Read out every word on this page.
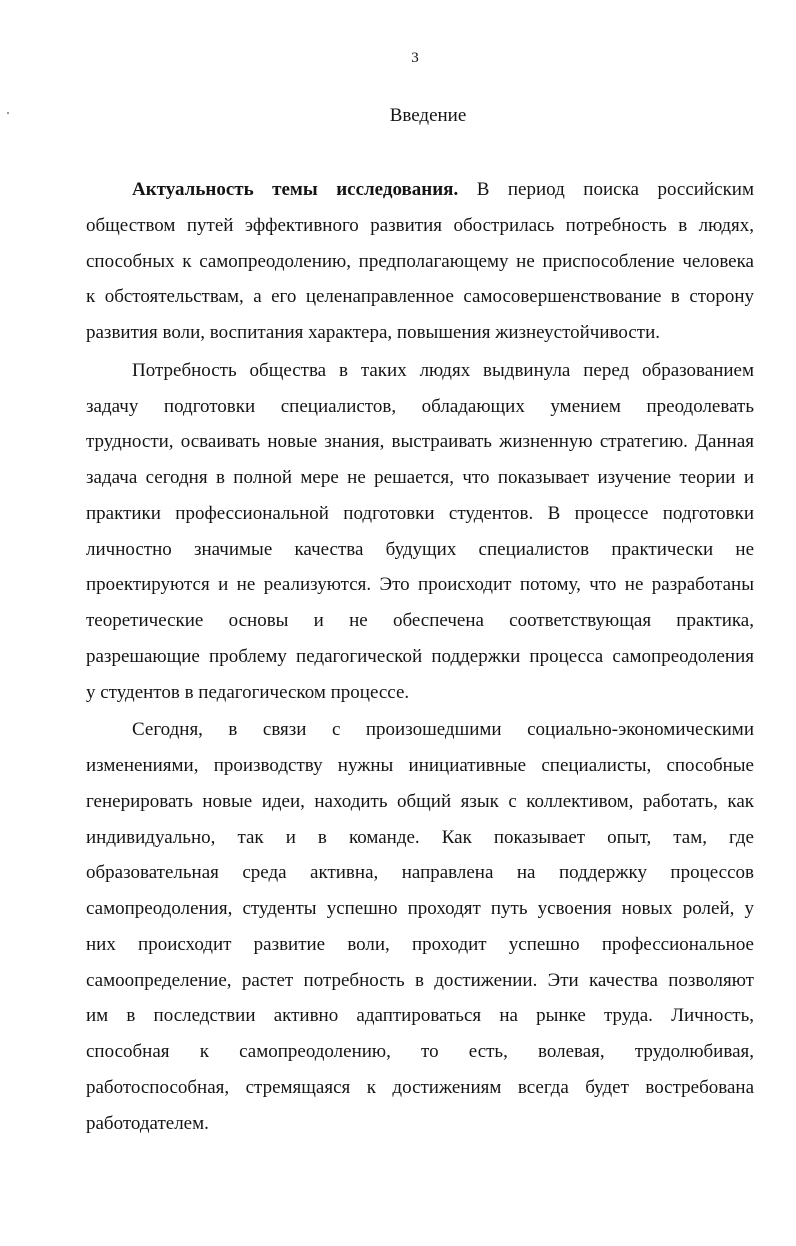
3
Введение
Актуальность темы исследования. В период поиска российским
обществом путей эффективного развития обострилась потребность в людях,
способных к самопреодолению, предполагающему не приспособление человека
к обстоятельствам, а его целенаправленное самосовершенствование в сторону
развития воли, воспитания характера, повышения жизнеустойчивости.
Потребность общества в таких людях выдвинула перед образованием
задачу подготовки специалистов, обладающих умением преодолевать
трудности, осваивать новые знания, выстраивать жизненную стратегию. Данная
задача сегодня в полной мере не решается, что показывает изучение теории и
практики профессиональной подготовки студентов. В процессе подготовки
личностно значимые качества будущих специалистов практически не
проектируются и не реализуются. Это происходит потому, что не разработаны
теоретические основы и не обеспечена соответствующая практика,
разрешающие проблему педагогической поддержки процесса самопреодоления
у студентов в педагогическом процессе.
Сегодня, в связи с произошедшими социально-экономическими
изменениями, производству нужны инициативные специалисты, способные
генерировать новые идеи, находить общий язык с коллективом, работать, как
индивидуально, так и в команде. Как показывает опыт, там, где
образовательная среда активна, направлена на поддержку процессов
самопреодоления, студенты успешно проходят путь усвоения новых ролей, у
них происходит развитие воли, проходит успешно профессиональное
самоопределение, растет потребность в достижении. Эти качества позволяют
им в последствии активно адаптироваться на рынке труда. Личность,
способная к самопреодолению, то есть, волевая, трудолюбивая,
работоспособная, стремящаяся к достижениям всегда будет востребована
работодателем.
